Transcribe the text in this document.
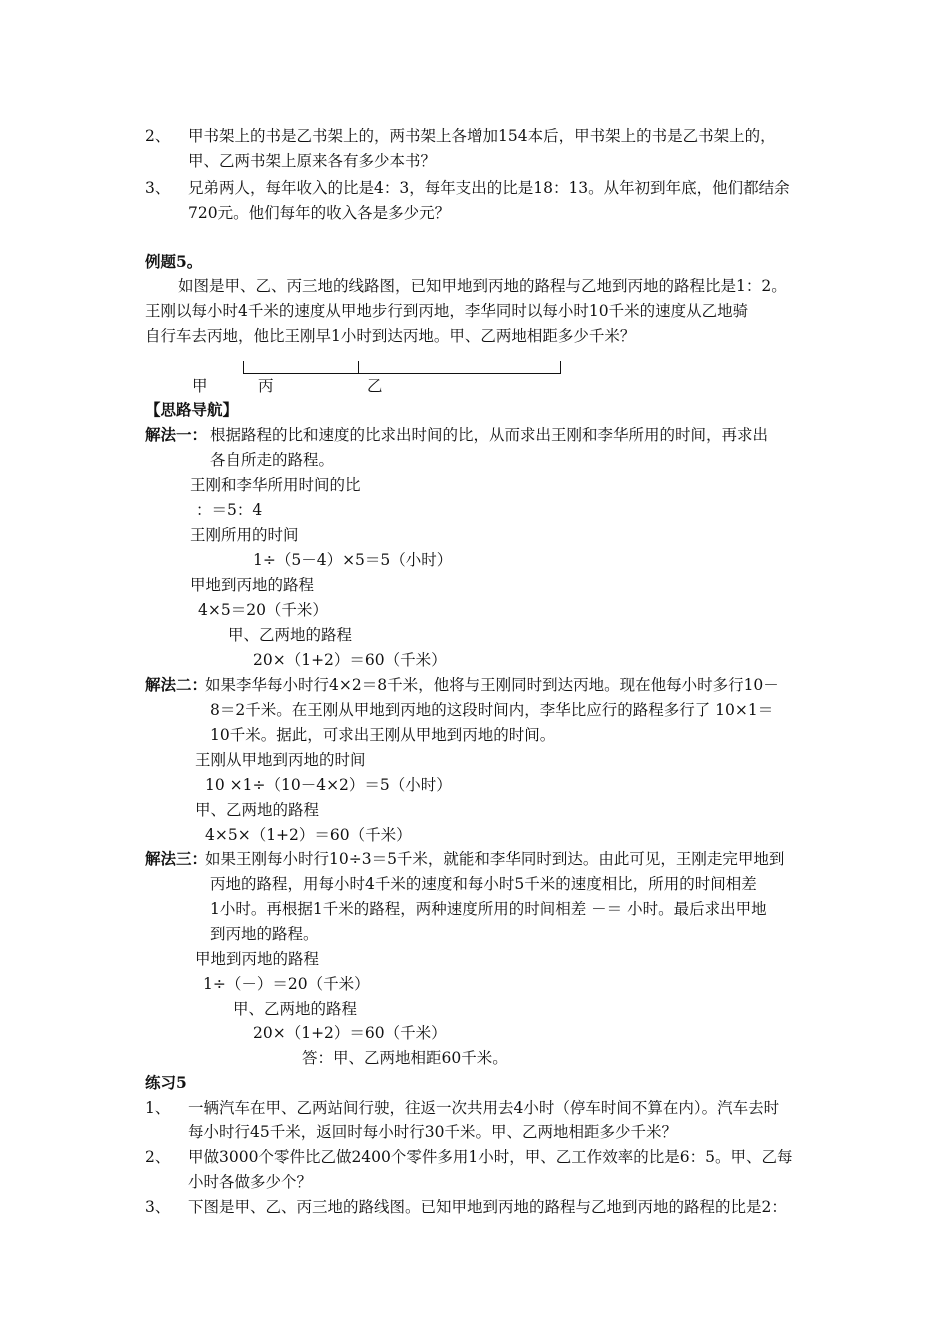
2、 甲书架上的书是乙书架上的，两书架上各增加154本后，甲书架上的书是乙书架上的，
甲、乙两书架上原来各有多少本书？
3、 兄弟两人，每年收入的比是4：3，每年支出的比是18：13。从年初到年底，他们都结余
720元。他们每年的收入各是多少元？
例题5。
如图是甲、乙、丙三地的线路图，已知甲地到丙地的路程与乙地到丙地的路程比是1：2。
王刚以每小时4千米的速度从甲地步行到丙地，李华同时以每小时10千米的速度从乙地骑
自行车去丙地，他比王刚早1小时到达丙地。甲、乙两地相距多少千米？
甲	丙	乙
【思路导航】
解法一： 根据路程的比和速度的比求出时间的比，从而求出王刚和李华所用的时间，再求出
各自所走的路程。
王刚和李华所用时间的比
：＝5：4
王刚所用的时间
1÷（5－4）×5＝5（小时）
甲地到丙地的路程
4×5＝20（千米）
甲、乙两地的路程
20×（1+2）＝60（千米）
解法二：
如果李华每小时行4×2＝8千米，他将与王刚同时到达丙地。现在他每小时多行10－
8＝2千米。在王刚从甲地到丙地的这段时间内，李华比应行的路程多行了 10×1＝
10千米。据此，可求出王刚从甲地到丙地的时间。
王刚从甲地到丙地的时间
10 ×1÷（10－4×2）＝5（小时）
甲、乙两地的路程
4×5×（1+2）＝60（千米）
解法三：
如果王刚每小时行10÷3＝5千米，就能和李华同时到达。由此可见，王刚走完甲地到
丙地的路程，用每小时4千米的速度和每小时5千米的速度相比，所用的时间相差
1小时。再根据1千米的路程，两种速度所用的时间相差 －＝ 小时。最后求出甲地
到丙地的路程。
甲地到丙地的路程
1÷（－）＝20（千米）
甲、乙两地的路程
20×（1+2）＝60（千米）
答：甲、乙两地相距60千米。
练习5
1、 一辆汽车在甲、乙两站间行驶，往返一次共用去4小时（停车时间不算在内）。汽车去时
每小时行45千米，返回时每小时行30千米。甲、乙两地相距多少千米？
2、 甲做3000个零件比乙做2400个零件多用1小时，甲、乙工作效率的比是6：5。甲、乙每
小时各做多少个？
3、 下图是甲、乙、丙三地的路线图。已知甲地到丙地的路程与乙地到丙地的路程的比是2：
